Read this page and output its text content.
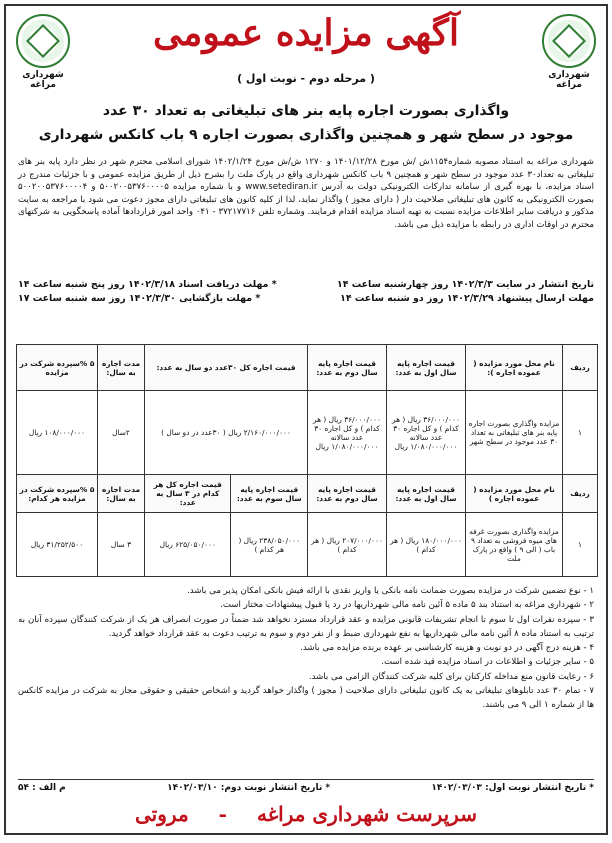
شهرداری مراغه
شهرداری مراغه
آگهی مزایده عمومی
( مرحله دوم - نوبت اول )
واگذاری بصورت اجاره پایه بنر های تبلیغاتی به تعداد ۳۰ عدد
موجود در سطح شهر و همچنین واگذاری بصورت اجاره ۹ باب کانکس شهرداری
شهرداری مراغه به استناد مصوبه شماره۱۱۵۴ش /ش مورخ ۱۴۰۱/۱۲/۲۸ و ۱۲۷۰ ش/ش مورخ ۱۴۰۲/۱/۲۴ شورای اسلامی محترم شهر در نظر دارد پایه بنر های تبلیغاتی به تعداد۳۰ عدد موجود در سطح شهر و همچنین ۹ باب کانکس شهرداری واقع در پارک ملت را بشرح ذیل از طریق مزایده عمومی و با جزئیات مندرج در اسناد مزایده، با بهره گیری از سامانه تدارکات الکترونیکی دولت به آدرس www.setediran.ir و با شماره مزایده ۵۰۰۲۰۰۵۳۷۶۰۰۰۰۵ و ۵۰۰۲۰۰۵۳۷۶۰۰۰۰۴ بصورت الکترونیکی به کانون های تبلیغاتی صلاحیت دار ( دارای مجوز ) واگذار نماید، لذا از کلیه کانون های تبلیغاتی دارای مجوز دعوت می شود با مراجعه به سایت مذکور و دریافت سایر اطلاعات مزایده نسبت به تهیه اسناد مزایده اقدام فرمایند. وشماره تلفن ۳۷۲۱۷۷۱۶ - ۰۴۱ واحد امور قراردادها آماده پاسخگویی به شرکتهای محترم در اوقات اداری در رابطه با مزایده ذیل می باشد.
تاریخ انتشار در سایت ۱۴۰۲/۳/۳ روز چهارشنبه ساعت ۱۴
* مهلت دریافت اسناد ۱۴۰۲/۳/۱۸ روز پنج شنبه ساعت ۱۴
مهلت ارسال پیشنهاد ۱۴۰۲/۳/۲۹ روز دو شنبه ساعت ۱۴
* مهلت بازگشایی ۱۴۰۲/۳/۳۰ روز سه شنبه ساعت ۱۷
ردیف	نام محل مورد مزایده ( عموده اجاره ):	قیمت اجاره پایه سال اول به عدد:	قیمت اجاره پایه سال دوم به عدد:	قیمت اجاره کل ۳۰عدد دو سال به عدد:		مدت اجاره به سال:	۵ %سپرده شرکت در مزایده
۱	مزایده واگذاری بصورت اجاره پایه بنر های تبلیغاتی به تعداد ۳۰ عدد موجود در سطح شهر	۳۶/۰۰۰/۰۰۰ ریال ( هر کدام ) و کل اجاره ۳۰ عدد سالانه ۱/۰۸۰/۰۰۰/۰۰۰ ریال	۳۶/۰۰۰/۰۰۰ ریال ( هر کدام ) و کل اجاره ۳۰ عدد سالانه ۱/۰۸۰/۰۰۰/۰۰۰ ریال	۲/۱۶۰/۰۰۰/۰۰۰ ریال ( ۳۰عدد در دو سال )		۲سال	۱۰۸/۰۰۰/۰۰۰ ریال
ردیف	نام محل مورد مزایده ( عموده اجاره )	قیمت اجاره پایه سال اول به عدد:	قیمت اجاره پایه سال دوم به عدد:	قیمت اجاره پایه سال سوم به عدد:	قیمت اجاره کل هر کدام در ۳ سال به عدد:	مدت اجاره به سال:	۵ %سپرده شرکت در مزایده هر کدام:
۱	مزایده واگذاری بصورت غرفه های میوه فروشی به تعداد ۹ باب ( الی ۹ ) واقع در پارک ملت	۱۸۰/۰۰۰/۰۰۰ ریال ( هر کدام )	۲۰۷/۰۰۰/۰۰۰ ریال ( هر کدام )	۲۳۸/۰۵۰/۰۰۰ ریال ( هر کدام )	۶۲۵/۰۵۰/۰۰۰ ریال	۳ سال	۳۱/۲۵۲/۵۰۰ ریال
۱ - نوع تضمین شرکت در مزایده بصورت ضمانت نامه بانکی یا واریز نقدی با ارائه فیش بانکی امکان پذیر می باشد.
۲ - شهرداری مراغه به استناد بند ۵ ماده ۵ آئین نامه مالی شهرداریها در رد یا قبول پیشنهادات مختار است.
۳ - سپرده نفرات اول تا سوم تا انجام تشریفات قانونی مزایده و عقد قرارداد مسترد نخواهد شد ضمناً در صورت انصراف هر یک از شرکت کنندگان سپرده آنان به ترتیب به استناد ماده ۸ آئین نامه مالی شهرداریها به نفع شهرداری ضبط و از نفر دوم و سوم به ترتیب دعوت به عقد قرارداد خواهد گردید.
۴ - هزینه درج آگهی در دو نوبت و هزینه کارشناسی بر عهده برنده مزایده می باشد.
۵ - سایر جزئیات و اطلاعات در اسناد مزایده قید شده است.
۶ - رعایت قانون منع مداخله کارکنان برای کلیه شرکت کنندگان الزامی می باشد.
۷ - تمام ۳۰ عدد تابلوهای تبلیغاتی به یک کانون تبلیغاتی دارای صلاحیت ( مجوز ) واگذار خواهد گردید و اشخاص حقیقی و حقوقی مجاز به شرکت در مزایده کانکس ها از شماره ۱ الی ۹ می باشند.
* تاریخ انتشار نوبت اول: ۱۴۰۲/۰۳/۰۳
* تاریخ انتشار نوبت دوم: ۱۴۰۲/۰۳/۱۰
م الف : ۵۴
سرپرست شهرداری مراغه
-
مروتی
